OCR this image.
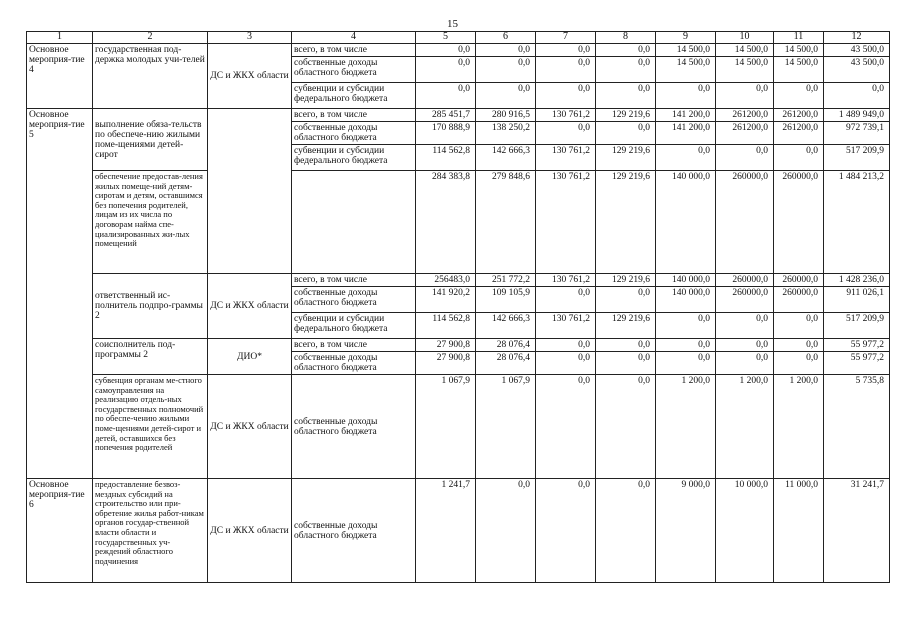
15
1	2	3	4	5	6	7	8	9	10	11	12
Основное мероприя-тие 4	государственная под-держка молодых учи-телей	ДС и ЖКХ области	всего, в том числе	0,0	0,0	0,0	0,0	14 500,0	14 500,0	14 500,0	43 500,0
			собственные доходы областного бюджета	0,0	0,0	0,0	0,0	14 500,0	14 500,0	14 500,0	43 500,0
			субвенции и субсидии федерального бюджета	0,0	0,0	0,0	0,0	0,0	0,0	0,0	0,0
Основное мероприя-тие 5	выполнение обяза-тельств по обеспече-нию жилыми поме-щениями детей-сирот		всего, в том числе	285 451,7	280 916,5	130 761,2	129 219,6	141 200,0	261200,0	261200,0	1 489 949,0
			собственные доходы областного бюджета	170 888,9	138 250,2	0,0	0,0	141 200,0	261200,0	261200,0	972 739,1
			субвенции и субсидии федерального бюджета	114 562,8	142 666,3	130 761,2	129 219,6	0,0	0,0	0,0	517 209,9
	обеспечение предостав-ления жилых помеще-ний детям-сиротам и детям, оставшимся без попечения родителей, лицам из их числа по договорам найма спе-циализированных жи-лых помещений			284 383,8	279 848,6	130 761,2	129 219,6	140 000,0	260000,0	260000,0	1 484 213,2
	ответственный ис-полнитель подпро-граммы 2	ДС и ЖКХ области	всего, в том числе	256483,0	251 772,2	130 761,2	129 219,6	140 000,0	260000,0	260000,0	1 428 236,0
			собственные доходы областного бюджета	141 920,2	109 105,9	0,0	0,0	140 000,0	260000,0	260000,0	911 026,1
			субвенции и субсидии федерального бюджета	114 562,8	142 666,3	130 761,2	129 219,6	0,0	0,0	0,0	517 209,9
	соисполнитель под-программы 2	ДИО*	всего, в том числе	27 900,8	28 076,4	0,0	0,0	0,0	0,0	0,0	55 977,2
			собственные доходы областного бюджета	27 900,8	28 076,4	0,0	0,0	0,0	0,0	0,0	55 977,2
	субвенция органам ме-стного самоуправления на реализацию отдель-ных государственных полномочий по обеспе-чению жилыми поме-щениями детей-сирот и детей, оставшихся без попечения родителей	ДС и ЖКХ области	собственные доходы областного бюджета	1 067,9	1 067,9	0,0	0,0	1 200,0	1 200,0	1 200,0	5 735,8
Основное мероприя-тие 6	предоставление безвоз-мездных субсидий на строительство или при-обретение жилья работ-никам органов государ-ственной власти области и государственных уч-реждений областного подчинения	ДС и ЖКХ области	собственные доходы областного бюджета	1 241,7	0,0	0,0	0,0	9 000,0	10 000,0	11 000,0	31 241,7
